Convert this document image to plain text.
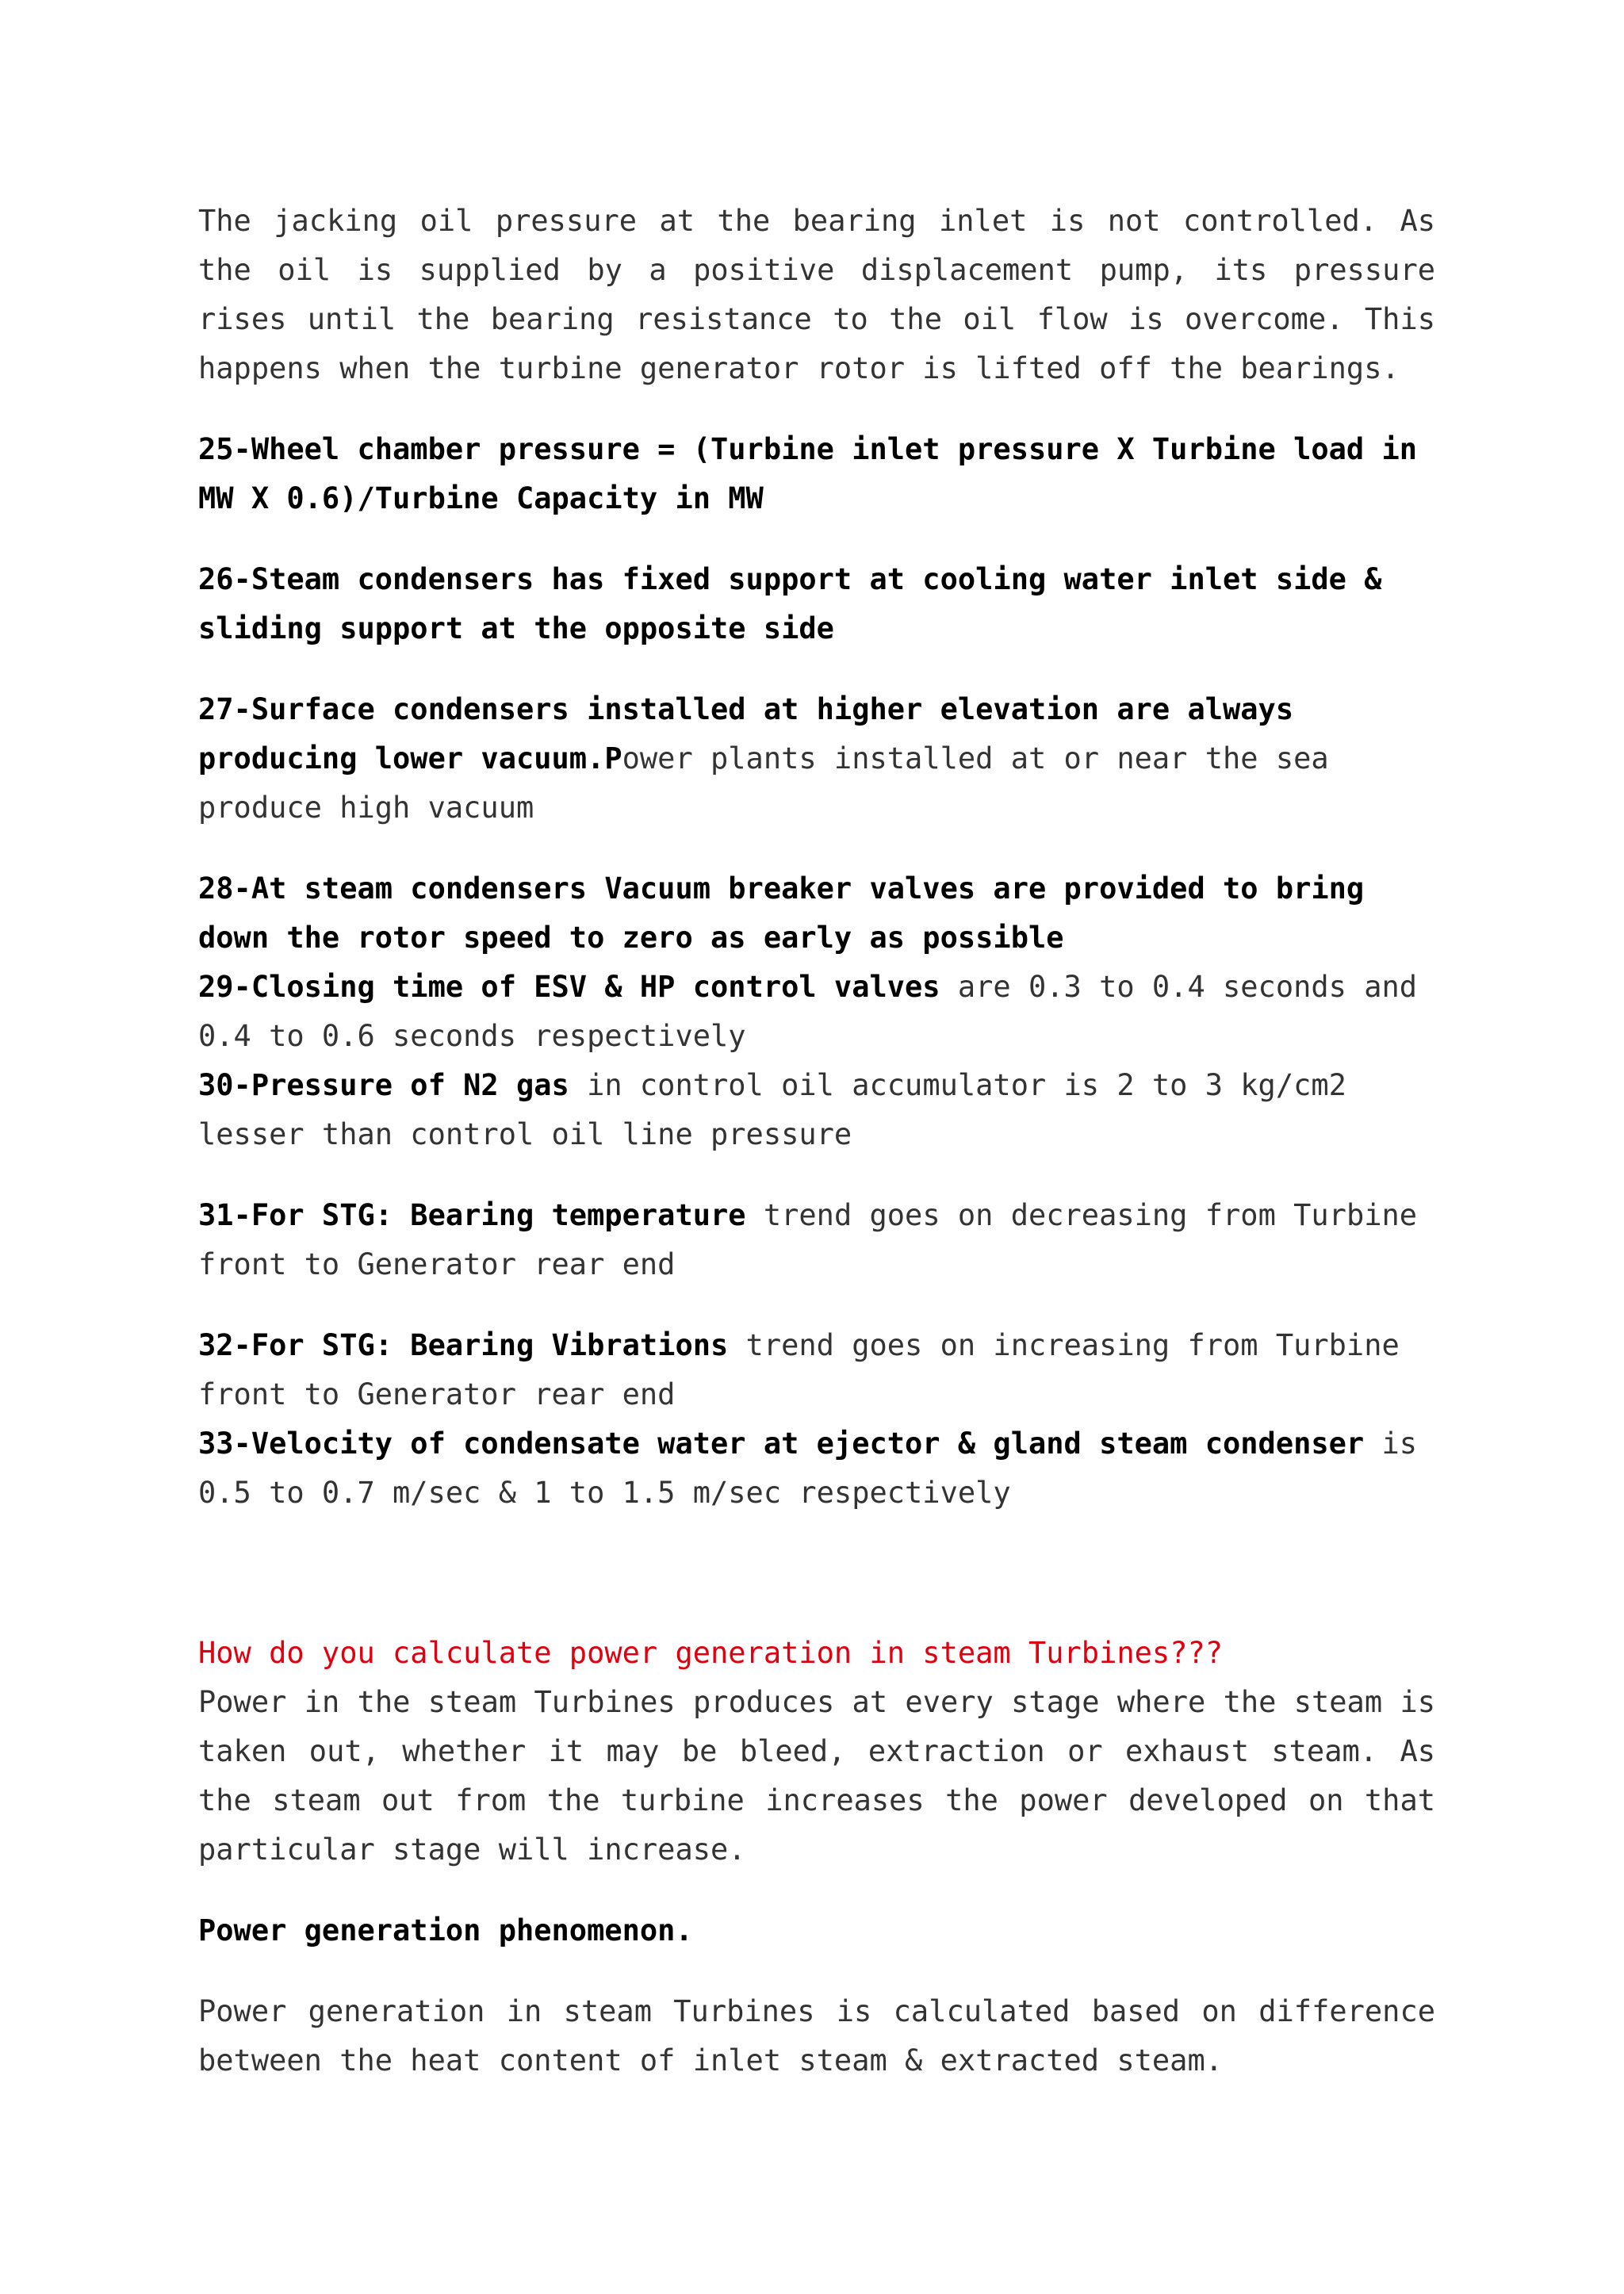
The jacking oil pressure at the bearing inlet is not controlled. As the oil is supplied by a positive displacement pump, its pressure rises until the bearing resistance to the oil flow is overcome. This happens when the turbine generator rotor is lifted off the bearings.

25-Wheel chamber pressure = (Turbine inlet pressure X Turbine load in MW X 0.6)/Turbine Capacity in MW

26-Steam condensers has fixed support at cooling water inlet side & sliding support at the opposite side

27-Surface condensers installed at higher elevation are always producing lower vacuum.Power plants installed at or near the sea produce high vacuum

28-At steam condensers Vacuum breaker valves are provided to bring down the rotor speed to zero as early as possible

29-Closing time of ESV & HP control valves are 0.3 to 0.4 seconds and 0.4 to 0.6 seconds respectively

30-Pressure of N2 gas in control oil accumulator is 2 to 3 kg/cm2 lesser than control oil line pressure

31-For STG: Bearing temperature trend goes on decreasing from Turbine front to Generator rear end

32-For STG: Bearing Vibrations trend goes on increasing from Turbine front to Generator rear end

33-Velocity of condensate water at ejector & gland steam condenser is 0.5 to 0.7 m/sec & 1 to 1.5 m/sec respectively

How do you calculate power generation in steam Turbines???

Power in the steam Turbines produces at every stage where the steam is taken out, whether it may be bleed, extraction or exhaust steam. As the steam out from the turbine increases the power developed on that particular stage will increase.

Power generation phenomenon.

Power generation in steam Turbines is calculated based on difference between the heat content of inlet steam & extracted steam.
